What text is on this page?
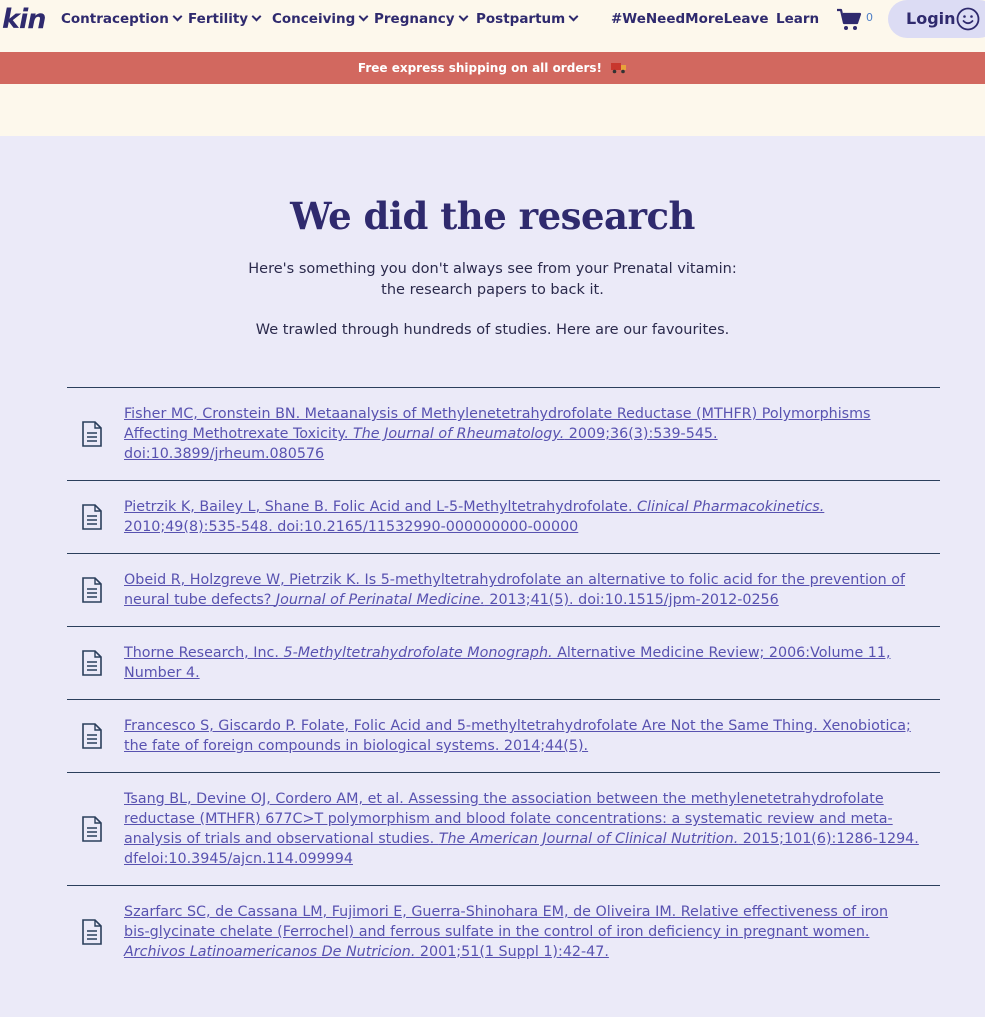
kin Contraception	Fertility	Conceiving	Pregnancy	Postpartum	#WeNeedMoreLeave Learn	0 Login
Free express shipping on all orders!
We did the research

Here's something you don't always see from your Prenatal vitamin:

the research papers to back it.

We trawled through hundreds of studies. Here are our favourites.

Fisher MC, Cronstein BN. Metaanalysis of Methylenetetrahydrofolate Reductase (MTHFR) Polymorphisms
Affecting Methotrexate Toxicity. The Journal of Rheumatology. 2009;36(3):539-545.
doi:10.3899/jrheum.080576
Pietrzik K, Bailey L, Shane B. Folic Acid and L-5-Methyltetrahydrofolate. Clinical Pharmacokinetics.
2010;49(8):535-548. doi:10.2165/11532990-000000000-00000
Obeid R, Holzgreve W, Pietrzik K. Is 5-methyltetrahydrofolate an alternative to folic acid for the prevention of
neural tube defects? Journal of Perinatal Medicine. 2013;41(5). doi:10.1515/jpm-2012-0256
Thorne Research, Inc. 5-Methyltetrahydrofolate Monograph. Alternative Medicine Review; 2006:Volume 11,
Number 4.
Francesco S, Giscardo P. Folate, Folic Acid and 5-methyltetrahydrofolate Are Not the Same Thing. Xenobiotica;
the fate of foreign compounds in biological systems. 2014;44(5).
Tsang BL, Devine OJ, Cordero AM, et al. Assessing the association between the methylenetetrahydrofolate
reductase (MTHFR) 677C>T polymorphism and blood folate concentrations: a systematic review and meta-
analysis of trials and observational studies. The American Journal of Clinical Nutrition. 2015;101(6):1286-1294.
dfeloi:10.3945/ajcn.114.099994
Szarfarc SC, de Cassana LM, Fujimori E, Guerra-Shinohara EM, de Oliveira IM. Relative effectiveness of iron
bis-glycinate chelate (Ferrochel) and ferrous sulfate in the control of iron deficiency in pregnant women.
Archivos Latinoamericanos De Nutricion. 2001;51(1 Suppl 1):42-47.
